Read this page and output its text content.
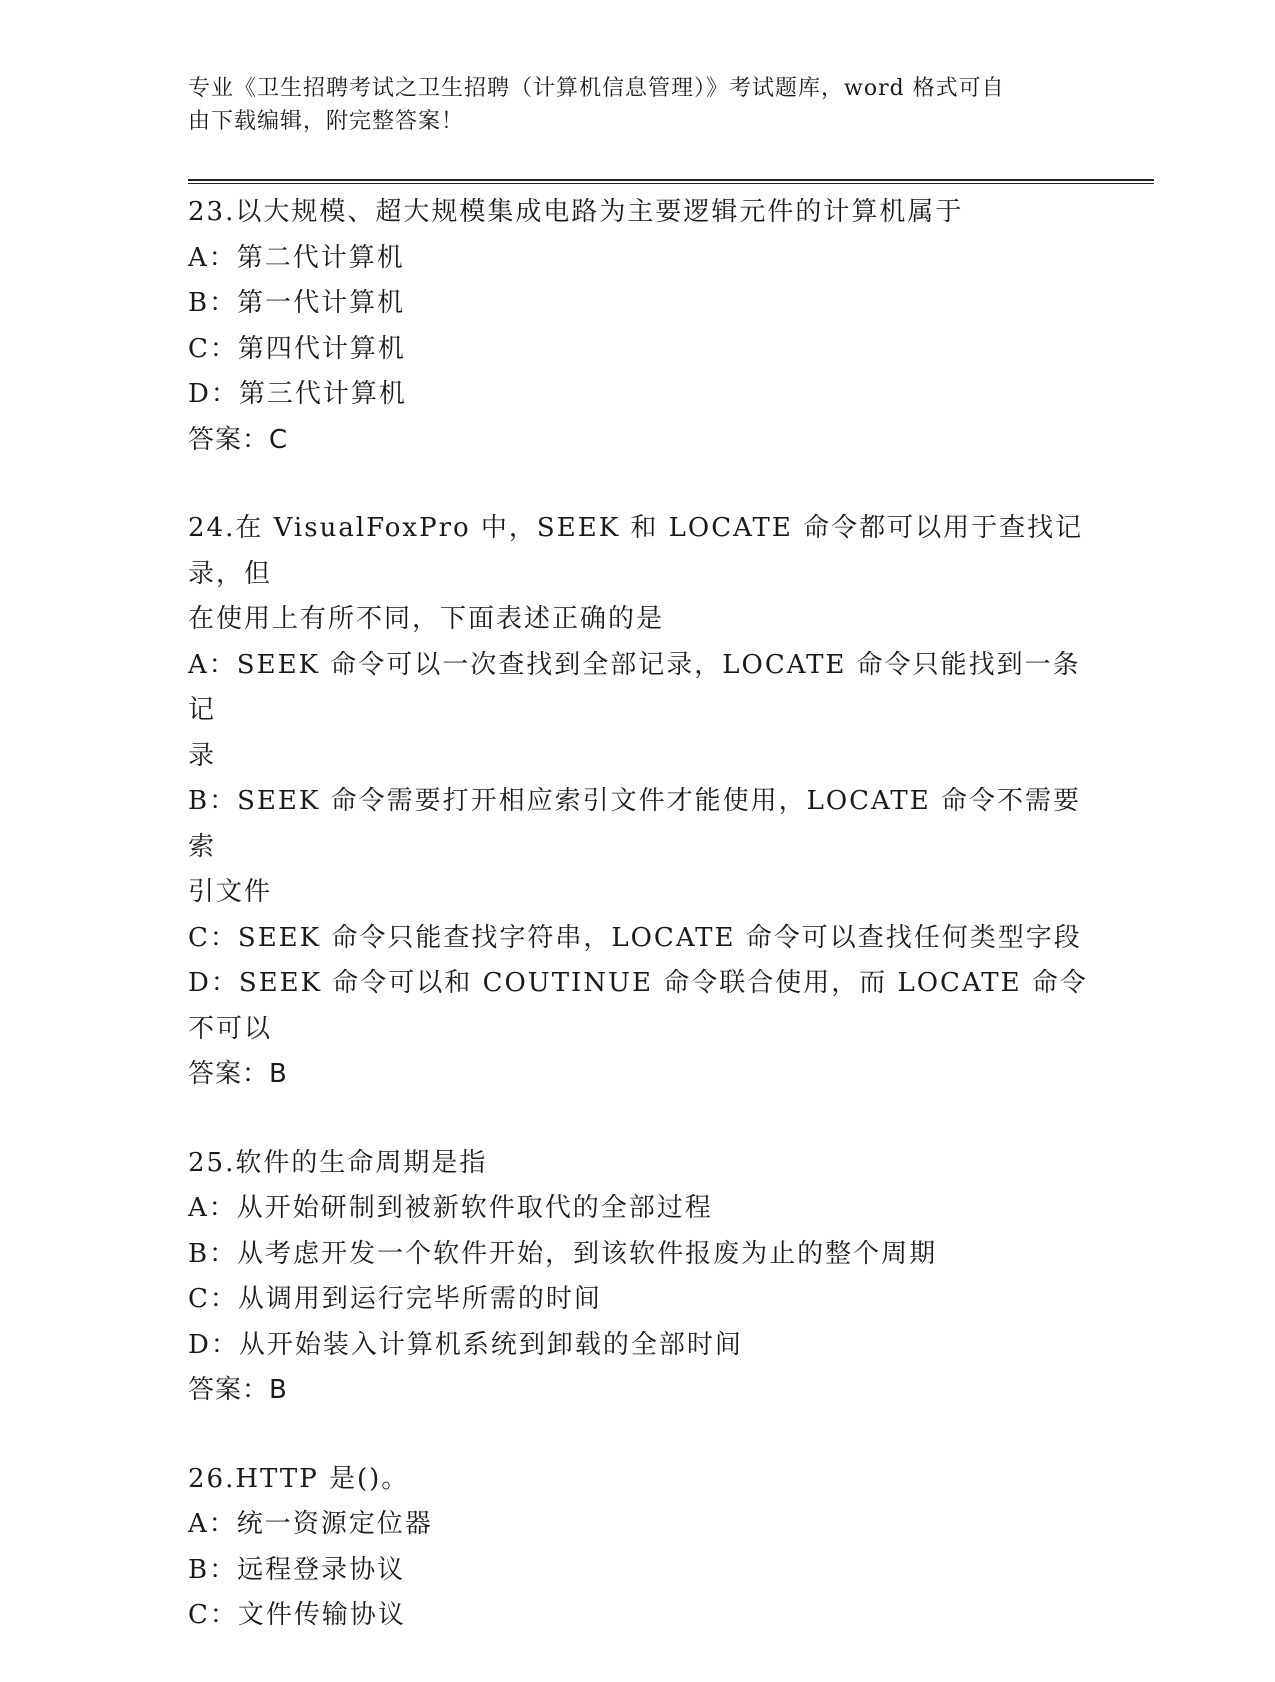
专业《卫生招聘考试之卫生招聘（计算机信息管理）》考试题库，word 格式可自
由下载编辑，附完整答案！
23.以大规模、超大规模集成电路为主要逻辑元件的计算机属于
A：第二代计算机
B：第一代计算机
C：第四代计算机
D：第三代计算机
答案：C
24.在 VisualFoxPro 中，SEEK 和 LOCATE 命令都可以用于查找记录，但
在使用上有所不同，下面表述正确的是
A：SEEK 命令可以一次查找到全部记录，LOCATE 命令只能找到一条记
录
B：SEEK 命令需要打开相应索引文件才能使用，LOCATE 命令不需要索
引文件
C：SEEK 命令只能查找字符串，LOCATE 命令可以查找任何类型字段
D：SEEK 命令可以和 COUTINUE 命令联合使用，而 LOCATE 命令不可以
答案：B
25.软件的生命周期是指
A：从开始研制到被新软件取代的全部过程
B：从考虑开发一个软件开始，到该软件报废为止的整个周期
C：从调用到运行完毕所需的时间
D：从开始装入计算机系统到卸载的全部时间
答案：B
26.HTTP 是()。
A：统一资源定位器
B：远程登录协议
C：文件传输协议
